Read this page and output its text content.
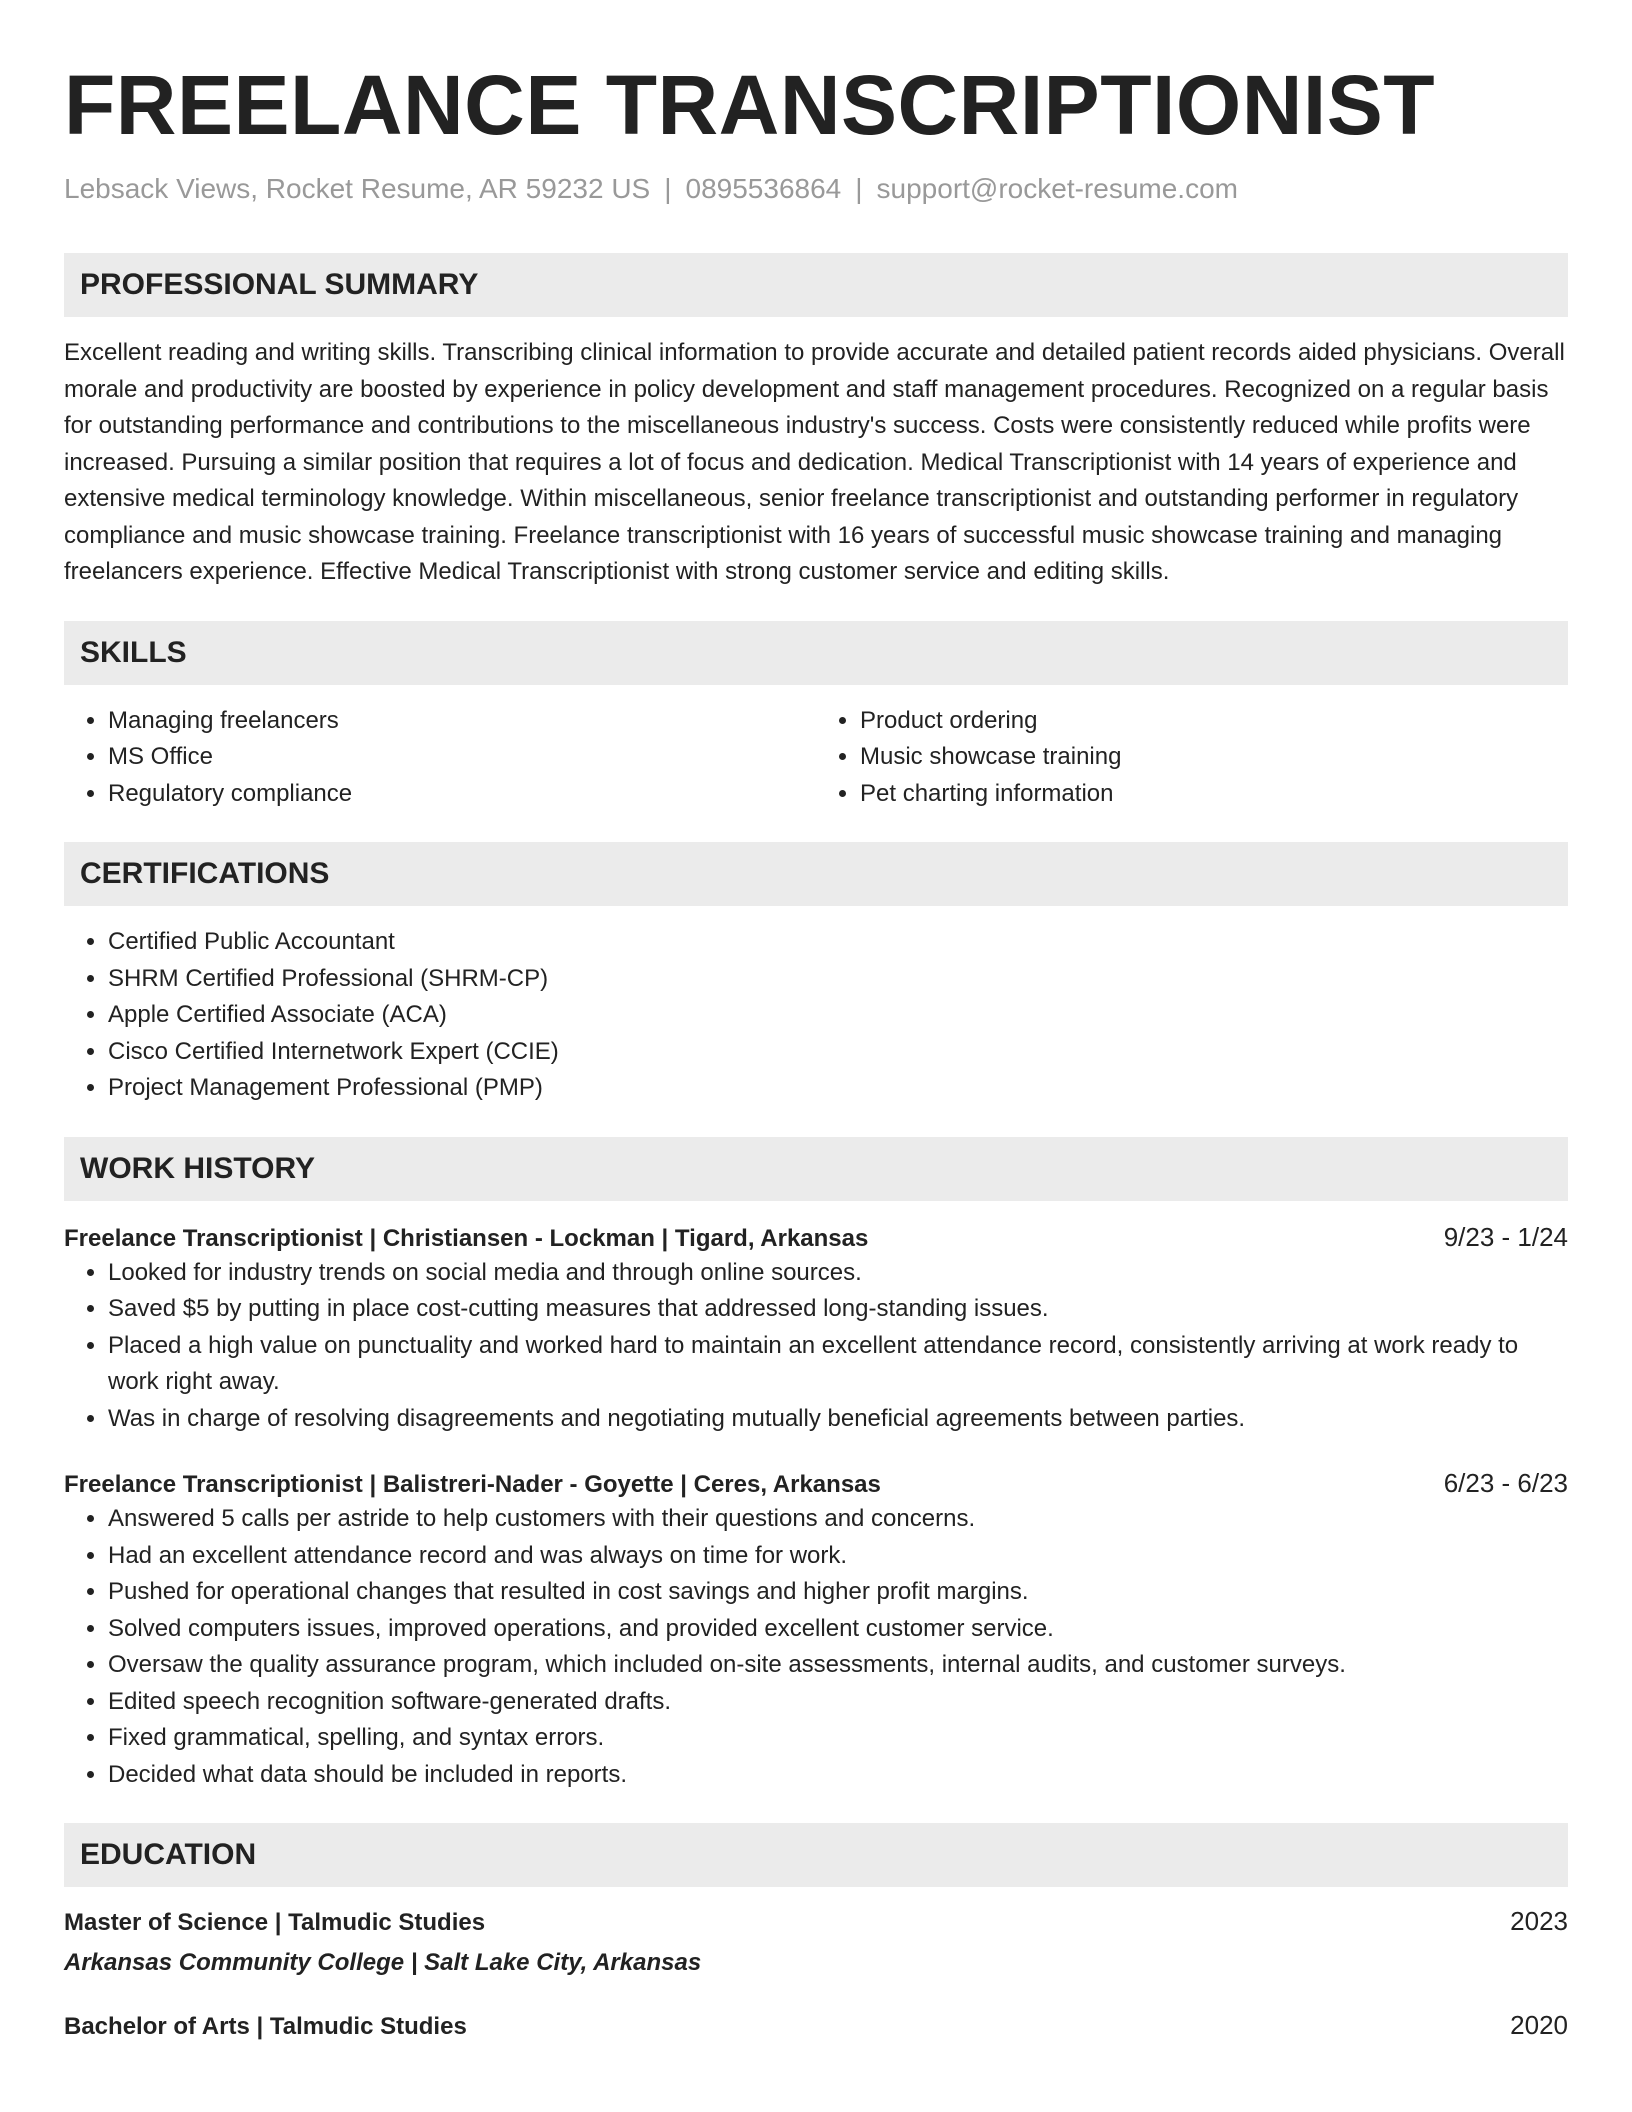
FREELANCE TRANSCRIPTIONIST
Lebsack Views, Rocket Resume, AR 59232 US | 0895536864 | support@rocket-resume.com
PROFESSIONAL SUMMARY

Excellent reading and writing skills. Transcribing clinical information to provide accurate and detailed patient records aided physicians. Overall morale and productivity are boosted by experience in policy development and staff management procedures. Recognized on a regular basis for outstanding performance and contributions to the miscellaneous industry's success. Costs were consistently reduced while profits were increased. Pursuing a similar position that requires a lot of focus and dedication. Medical Transcriptionist with 14 years of experience and extensive medical terminology knowledge. Within miscellaneous, senior freelance transcriptionist and outstanding performer in regulatory compliance and music showcase training. Freelance transcriptionist with 16 years of successful music showcase training and managing freelancers experience. Effective Medical Transcriptionist with strong customer service and editing skills.

SKILLS
• Managing freelancers
• MS Office
• Regulatory compliance
• Product ordering
• Music showcase training
• Pet charting information
CERTIFICATIONS
• Certified Public Accountant
• SHRM Certified Professional (SHRM-CP)
• Apple Certified Associate (ACA)
• Cisco Certified Internetwork Expert (CCIE)
• Project Management Professional (PMP)
WORK HISTORY
Freelance Transcriptionist | Christiansen - Lockman | Tigard, Arkansas	9/23 - 1/24
• Looked for industry trends on social media and through online sources.
• Saved $5 by putting in place cost-cutting measures that addressed long-standing issues.
• Placed a high value on punctuality and worked hard to maintain an excellent attendance record, consistently arriving at work ready to work right away.
• Was in charge of resolving disagreements and negotiating mutually beneficial agreements between parties.
Freelance Transcriptionist | Balistreri-Nader - Goyette | Ceres, Arkansas	6/23 - 6/23
• Answered 5 calls per astride to help customers with their questions and concerns.
• Had an excellent attendance record and was always on time for work.
• Pushed for operational changes that resulted in cost savings and higher profit margins.
• Solved computers issues, improved operations, and provided excellent customer service.
• Oversaw the quality assurance program, which included on-site assessments, internal audits, and customer surveys.
• Edited speech recognition software-generated drafts.
• Fixed grammatical, spelling, and syntax errors.
• Decided what data should be included in reports.
EDUCATION
Master of Science | Talmudic Studies	2023
Arkansas Community College | Salt Lake City, Arkansas
Bachelor of Arts | Talmudic Studies	2020
